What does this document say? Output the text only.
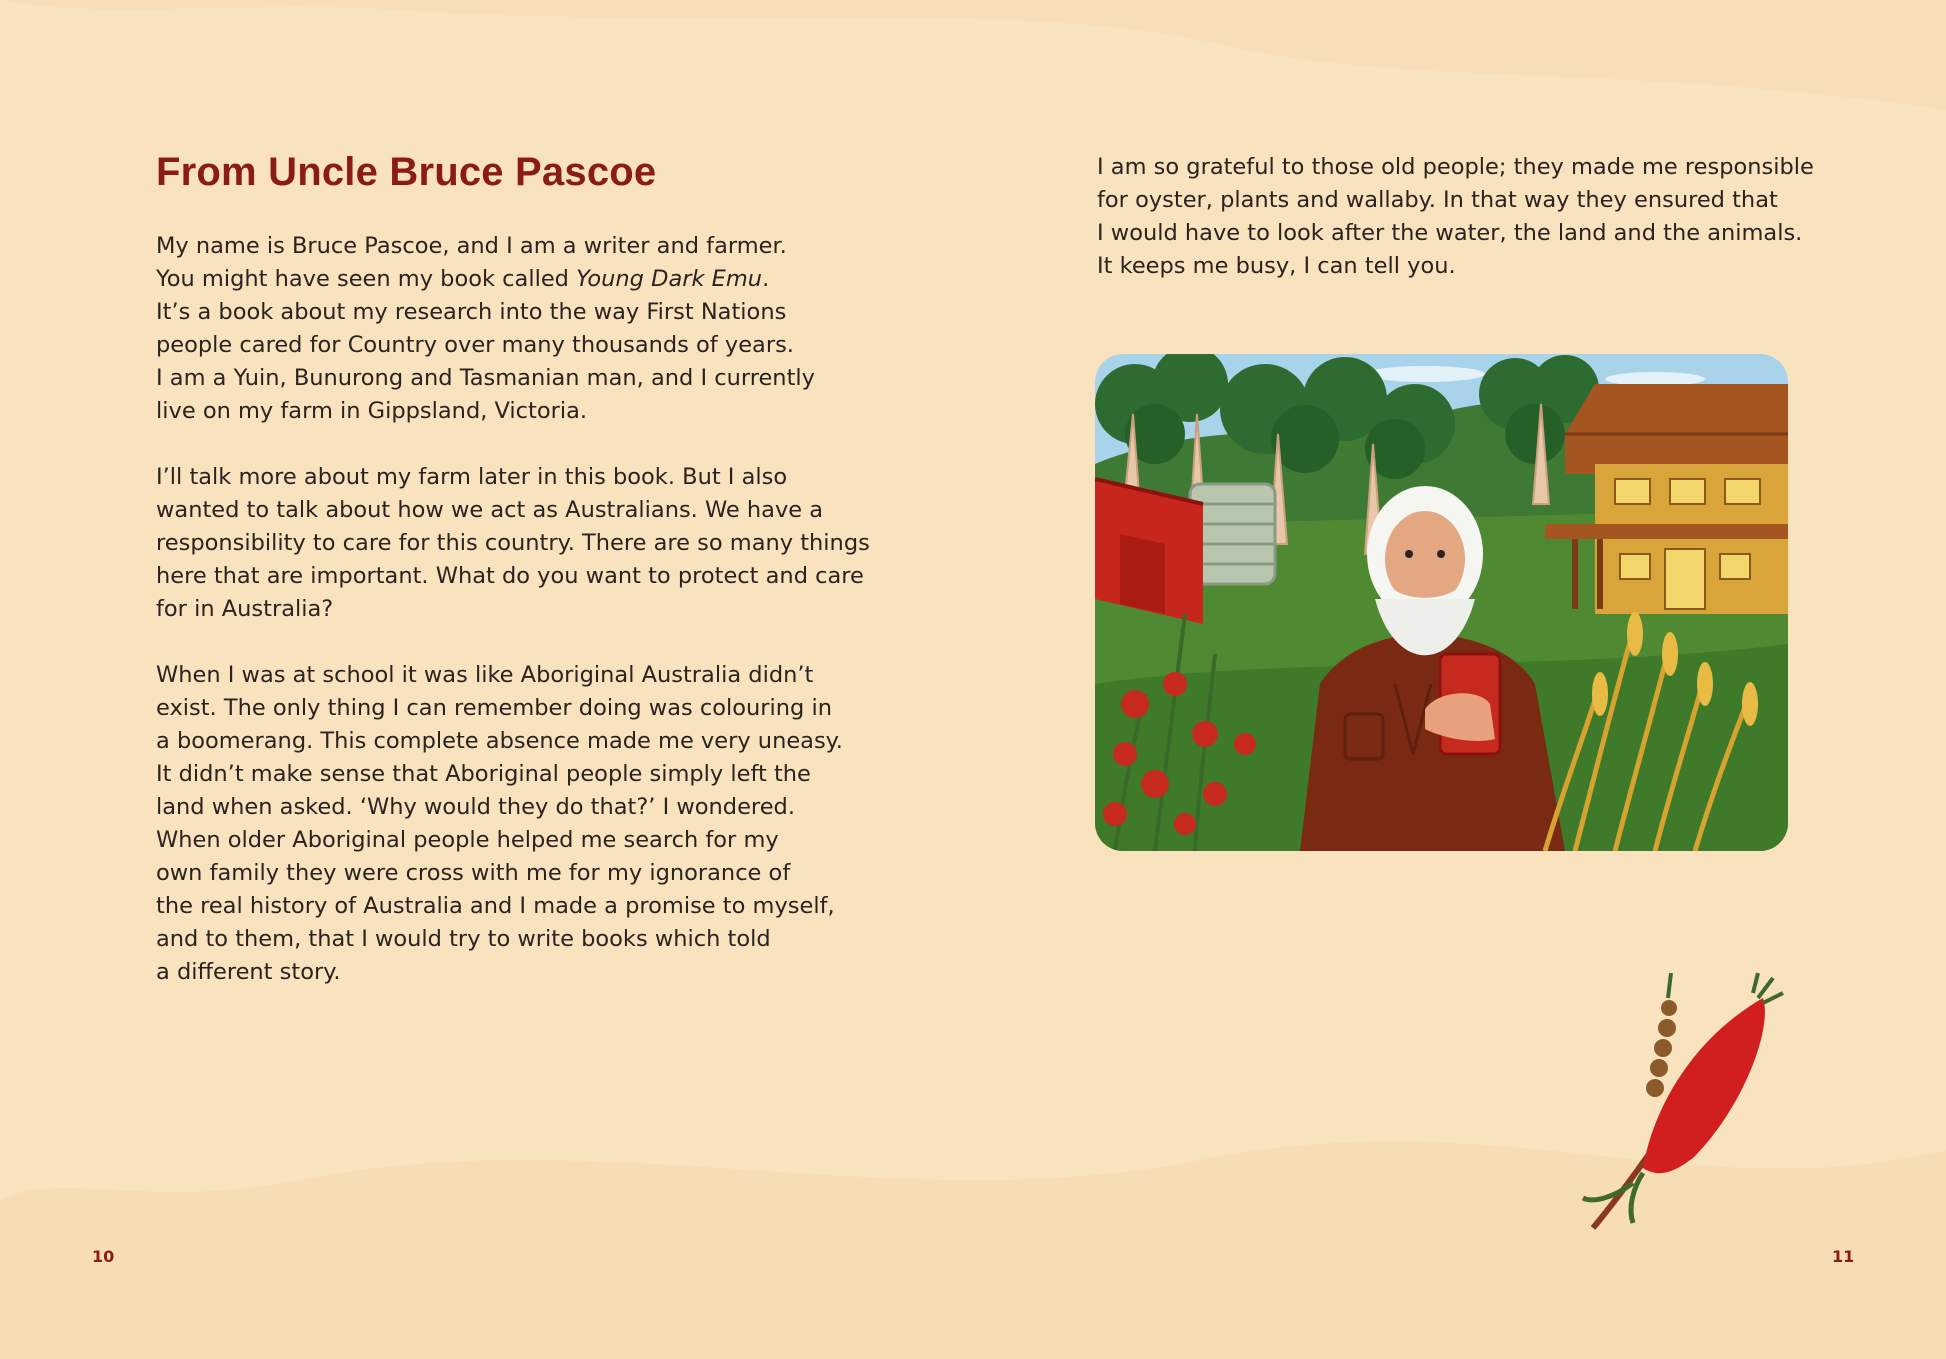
From Uncle Bruce Pascoe
My name is Bruce Pascoe, and I am a writer and farmer.
You might have seen my book called Young Dark Emu.
It’s a book about my research into the way First Nations
people cared for Country over many thousands of years.
I am a Yuin, Bunurong and Tasmanian man, and I currently
live on my farm in Gippsland, Victoria.
I’ll talk more about my farm later in this book. But I also
wanted to talk about how we act as Australians. We have a
responsibility to care for this country. There are so many things
here that are important. What do you want to protect and care
for in Australia?
When I was at school it was like Aboriginal Australia didn’t
exist. The only thing I can remember doing was colouring in
a boomerang. This complete absence made me very uneasy.
It didn’t make sense that Aboriginal people simply left the
land when asked. ‘Why would they do that?’ I wondered.
When older Aboriginal people helped me search for my
own family they were cross with me for my ignorance of
the real history of Australia and I made a promise to myself,
and to them, that I would try to write books which told
a different story.
10
I am so grateful to those old people; they made me responsible
for oyster, plants and wallaby. In that way they ensured that
I would have to look after the water, the land and the animals.
It keeps me busy, I can tell you.
11
